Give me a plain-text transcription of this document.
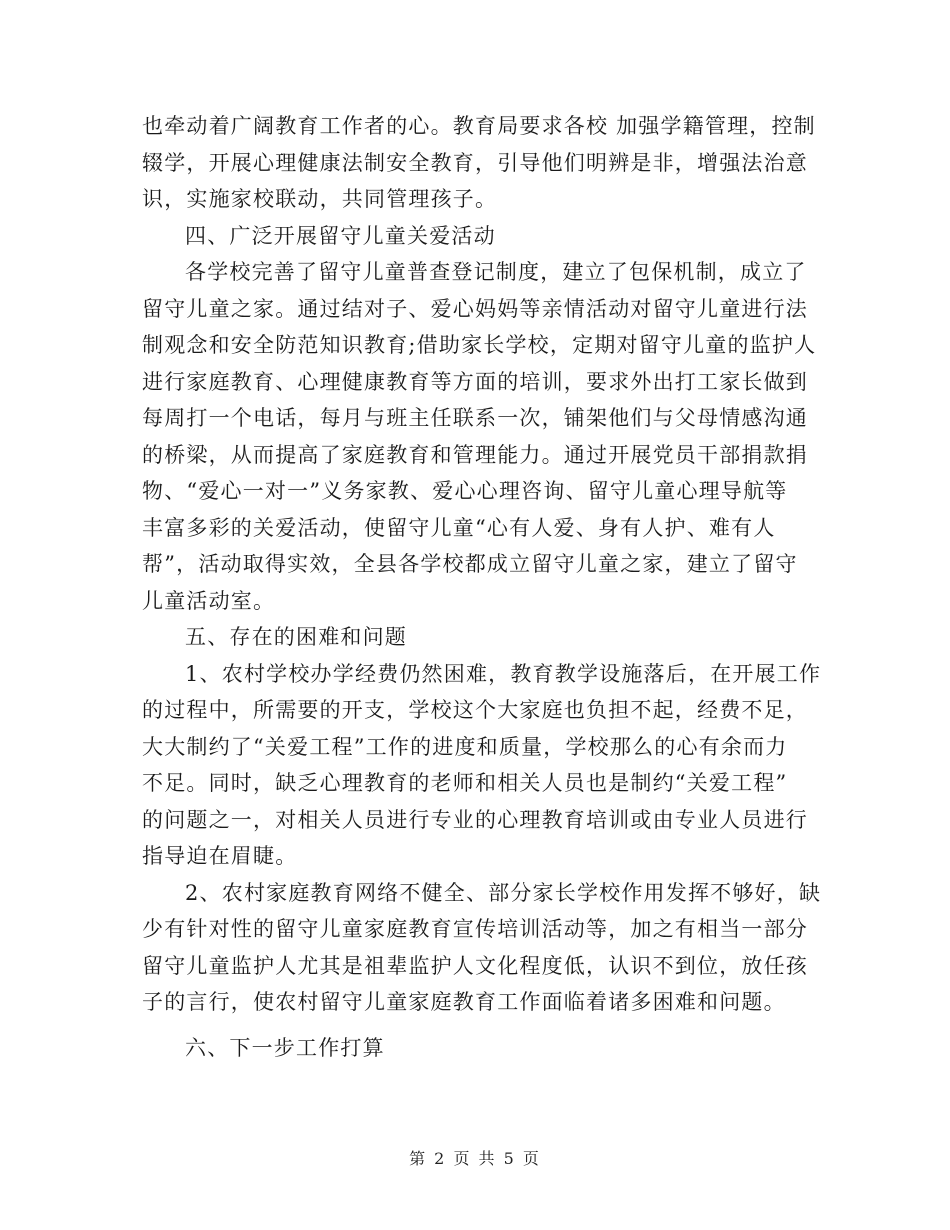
也牵动着广阔教育工作者的心。教育局要求各校 加强学籍管理，控制
辍学，开展心理健康法制安全教育，引导他们明辨是非，增强法治意
识，实施家校联动，共同管理孩子。
四、广泛开展留守儿童关爱活动
各学校完善了留守儿童普查登记制度，建立了包保机制，成立了
留守儿童之家。通过结对子、爱心妈妈等亲情活动对留守儿童进行法
制观念和安全防范知识教育;借助家长学校，定期对留守儿童的监护人
进行家庭教育、心理健康教育等方面的培训，要求外出打工家长做到
每周打一个电话，每月与班主任联系一次，铺架他们与父母情感沟通
的桥梁，从而提高了家庭教育和管理能力。通过开展党员干部捐款捐
物、“爱心一对一”义务家教、爱心心理咨询、留守儿童心理导航等
丰富多彩的关爱活动，使留守儿童“心有人爱、身有人护、难有人
帮”，活动取得实效，全县各学校都成立留守儿童之家，建立了留守
儿童活动室。
五、存在的困难和问题
1、农村学校办学经费仍然困难，教育教学设施落后，在开展工作
的过程中，所需要的开支，学校这个大家庭也负担不起，经费不足，
大大制约了“关爱工程”工作的进度和质量，学校那么的心有余而力
不足。同时，缺乏心理教育的老师和相关人员也是制约“关爱工程”
的问题之一，对相关人员进行专业的心理教育培训或由专业人员进行
指导迫在眉睫。
2、农村家庭教育网络不健全、部分家长学校作用发挥不够好，缺
少有针对性的留守儿童家庭教育宣传培训活动等，加之有相当一部分
留守儿童监护人尤其是祖辈监护人文化程度低，认识不到位，放任孩
子的言行，使农村留守儿童家庭教育工作面临着诸多困难和问题。
六、下一步工作打算
第 2 页 共 5 页
